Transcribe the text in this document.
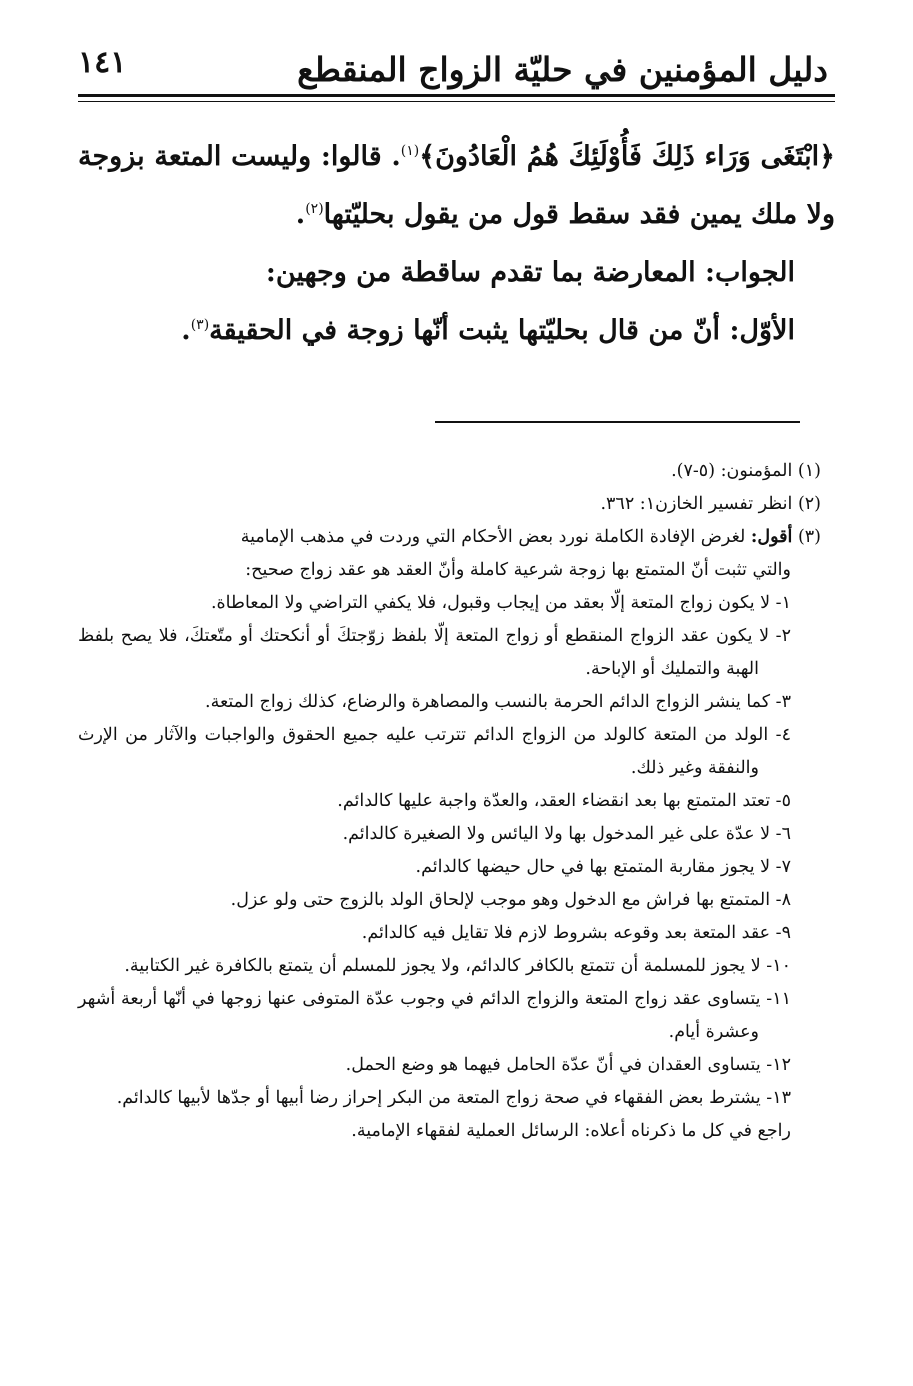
دليل المؤمنين في حليّة الزواج المنقطع
١٤١

﴿ابْتَغَى وَرَاء ذَلِكَ فَأُوْلَئِكَ هُمُ الْعَادُونَ﴾$^{(١)}$. قالوا: وليست المتعة بزوجة

ولا ملك يمين فقد سقط قول من يقول بحليّتها$^{(٢)}$.

الجواب: المعارضة بما تقدم ساقطة من وجهين:

الأوّل: أنّ من قال بحليّتها يثبت أنّها زوجة في الحقيقة$^{(٣)}$.

(١) المؤمنون: (٥-٧).

(٢) انظر تفسير الخازن١: ٣٦٢.

(٣) أقول: لغرض الإفادة الكاملة نورد بعض الأحكام التي وردت في مذهب الإمامية

والتي تثبت أنّ المتمتع بها زوجة شرعية كاملة وأنّ العقد هو عقد زواج صحيح:

١- لا يكون زواج المتعة إلّا بعقد من إيجاب وقبول، فلا يكفي التراضي ولا المعاطاة.

٢- لا يكون عقد الزواج المنقطع أو زواج المتعة إلّا بلفظ زوّجتكَ أو أنكحتك أو متّعتكَ، فلا يصح بلفظ الهبة والتمليك أو الإباحة.

٣- كما ينشر الزواج الدائم الحرمة بالنسب والمصاهرة والرضاع، كذلك زواج المتعة.

٤- الولد من المتعة كالولد من الزواج الدائم تترتب عليه جميع الحقوق والواجبات والآثار من الإرث والنفقة وغير ذلك.

٥- تعتد المتمتع بها بعد انقضاء العقد، والعدّة واجبة عليها كالدائم.

٦- لا عدّة على غير المدخول بها ولا اليائس ولا الصغيرة كالدائم.

٧- لا يجوز مقاربة المتمتع بها في حال حيضها كالدائم.

٨- المتمتع بها فراش مع الدخول وهو موجب لإلحاق الولد بالزوج حتى ولو عزل.

٩- عقد المتعة بعد وقوعه بشروط لازم فلا تقايل فيه كالدائم.

١٠- لا يجوز للمسلمة أن تتمتع بالكافر كالدائم، ولا يجوز للمسلم أن يتمتع بالكافرة غير الكتابية.

١١- يتساوى عقد زواج المتعة والزواج الدائم في وجوب عدّة المتوفى عنها زوجها في أنّها أربعة أشهر وعشرة أيام.

١٢- يتساوى العقدان في أنّ عدّة الحامل فيهما هو وضع الحمل.

١٣- يشترط بعض الفقهاء في صحة زواج المتعة من البكر إحراز رضا أبيها أو جدّها لأبيها كالدائم.

راجع في كل ما ذكرناه أعلاه: الرسائل العملية لفقهاء الإمامية.
